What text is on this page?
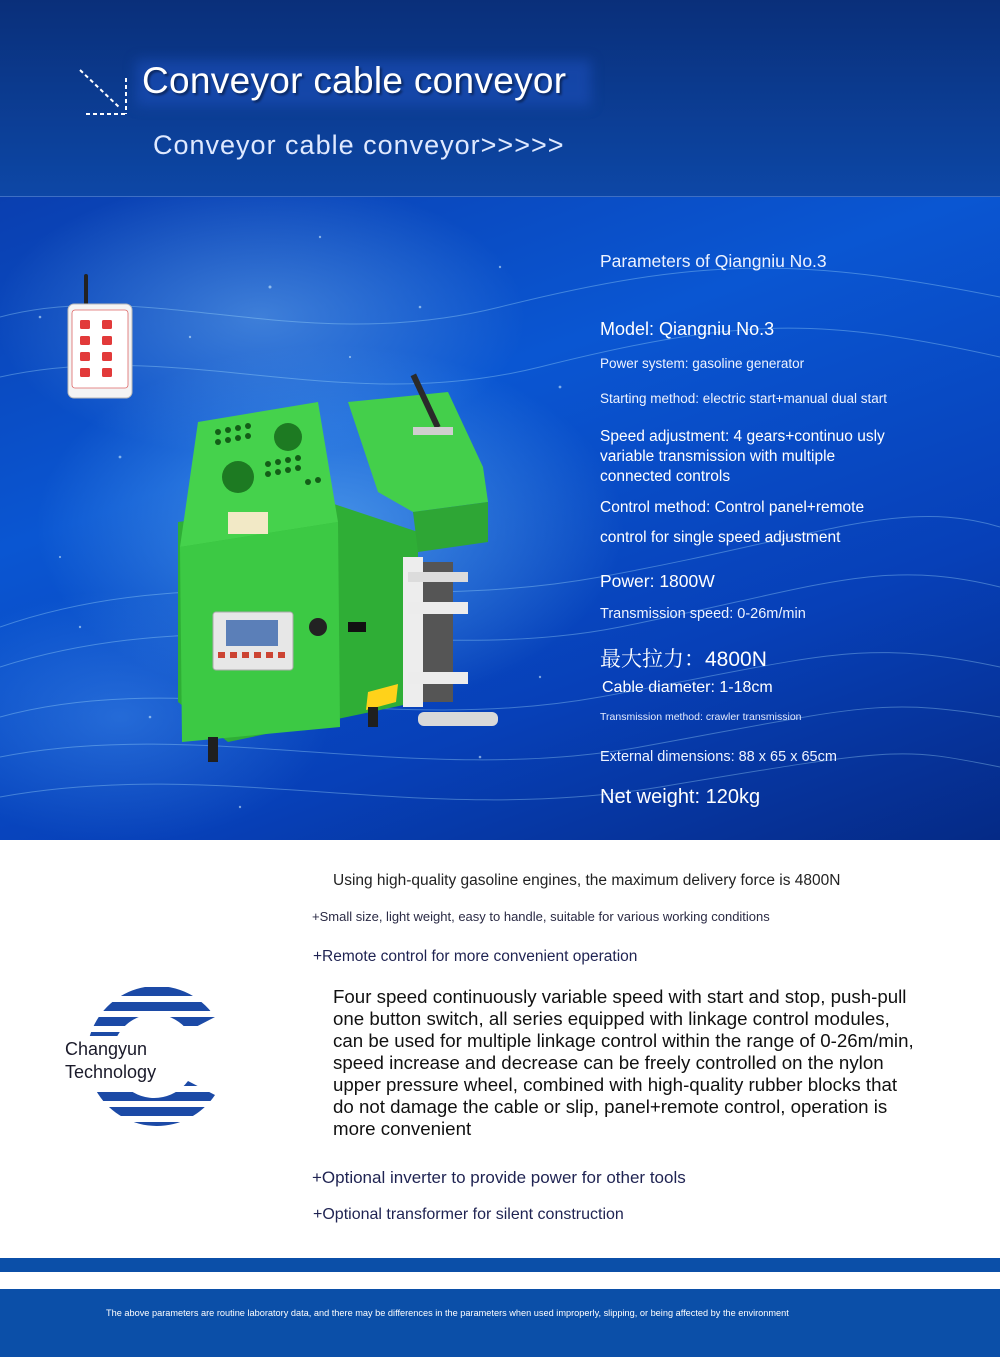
Conveyor cable conveyor
Conveyor cable conveyor>>>>>
Parameters of Qiangniu No.3
Model: Qiangniu No.3
Power system: gasoline generator
Starting method: electric start+manual dual start
Speed adjustment: 4 gears+continuo usly variable transmission with multiple connected controls
Control method: Control panel+remote
control for single speed adjustment
Power: 1800W
Transmission speed: 0-26m/min
最大拉力：4800N
Cable diameter: 1-18cm
Transmission method: crawler transmission
External dimensions: 88 x 65 x 65cm
Net weight: 120kg
Using high-quality gasoline engines, the maximum delivery force is 4800N
+Small size, light weight, easy to handle, suitable for various working conditions
+Remote control for more convenient operation
Four speed continuously variable speed with start and stop, push-pull one button switch, all series equipped with linkage control modules, can be used for multiple linkage control within the range of 0-26m/min, speed increase and decrease can be freely controlled on the nylon upper pressure wheel, combined with high-quality rubber blocks that do not damage the cable or slip, panel+remote control, operation is more convenient
+Optional inverter to provide power for other tools
+Optional transformer for silent construction
Changyun
Technology
The above parameters are routine laboratory data, and there may be differences in the parameters when used improperly, slipping, or being affected by the environment
